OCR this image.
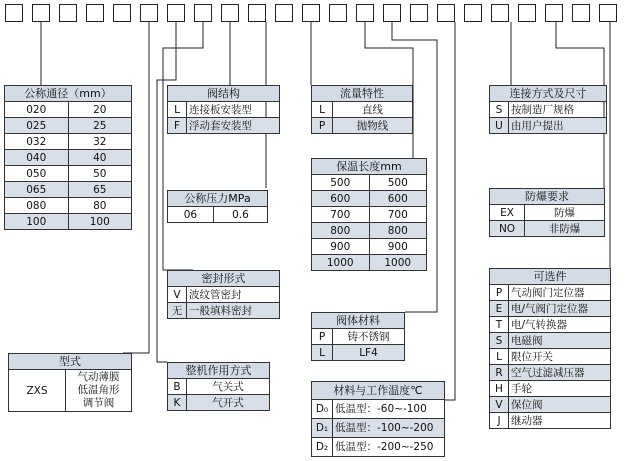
公称通径（mm）	
020	20
025	25
032	32
040	40
050	50
065	65
080	80
100	100
阀结构	
L	连接板安装型
F	浮动套安装型
公称压力MPa
06	0.6
密封形式	
V	波纹管密封
无	一般填料密封
整机作用方式	
B	气关式
K	气开式
型式
ZXS	
气动薄膜
低温角形
调节阀
流量特性	
L	直线
P	抛物线
保温长度mm	
500	500
600	600
700	700
800	800
900	900
1000	1000
阀体材料	
P	铸不锈钢
L	LF4
材料与工作温度℃	
D₀	低温型：-60~-100
D₁	低温型：-100~-200
D₂	低温型：-200~-250
连接方式及尺寸	
S	按制造厂规格
U	由用户提出
防爆要求	
EX	防爆
NO	非防爆
可选件	
P	气动阀门定位器
E	电/气阀门定位器
T	电/气转换器
S	电磁阀
L	限位开关
R	空气过滤减压器
H	手轮
V	保位阀
J	继动器
